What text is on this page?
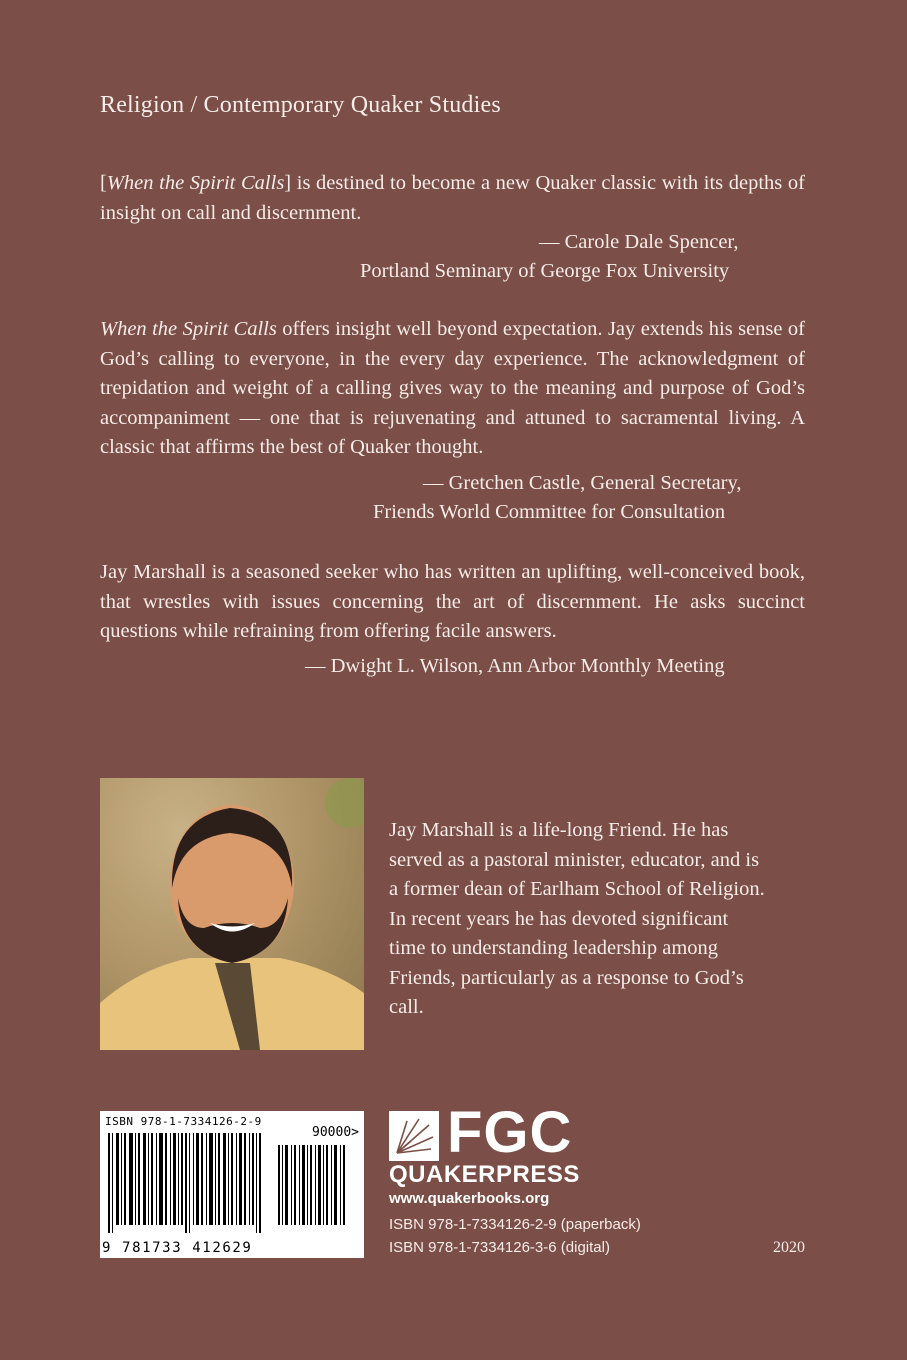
Religion / Contemporary Quaker Studies
[When the Spirit Calls] is destined to become a new Quaker classic with its depths of insight on call and discernment.
— Carole Dale Spencer,
Portland Seminary of George Fox University
When the Spirit Calls offers insight well beyond expectation. Jay extends his sense of God’s calling to everyone, in the every day experience. The acknowledgment of trepidation and weight of a calling gives way to the meaning and purpose of God’s accompaniment — one that is rejuvenating and attuned to sacramental living. A classic that affirms the best of Quaker thought.
— Gretchen Castle, General Secretary,
Friends World Committee for Consultation
Jay Marshall is a seasoned seeker who has written an uplifting, well-conceived book, that wrestles with issues concerning the art of discernment. He asks succinct questions while refraining from offering facile answers.
— Dwight L. Wilson, Ann Arbor Monthly Meeting
Jay Marshall is a life-long Friend. He has served as a pastoral minister, educator, and is a former dean of Earlham School of Religion. In recent years he has devoted significant time to understanding leadership among Friends, particularly as a response to God’s call.
ISBN 978-1-7334126-2-9
90000>
9 781733 412629
FGC
QUAKERPRESS
www.quakerbooks.org
ISBN 978-1-7334126-2-9 (paperback)
ISBN 978-1-7334126-3-6 (digital)	2020
